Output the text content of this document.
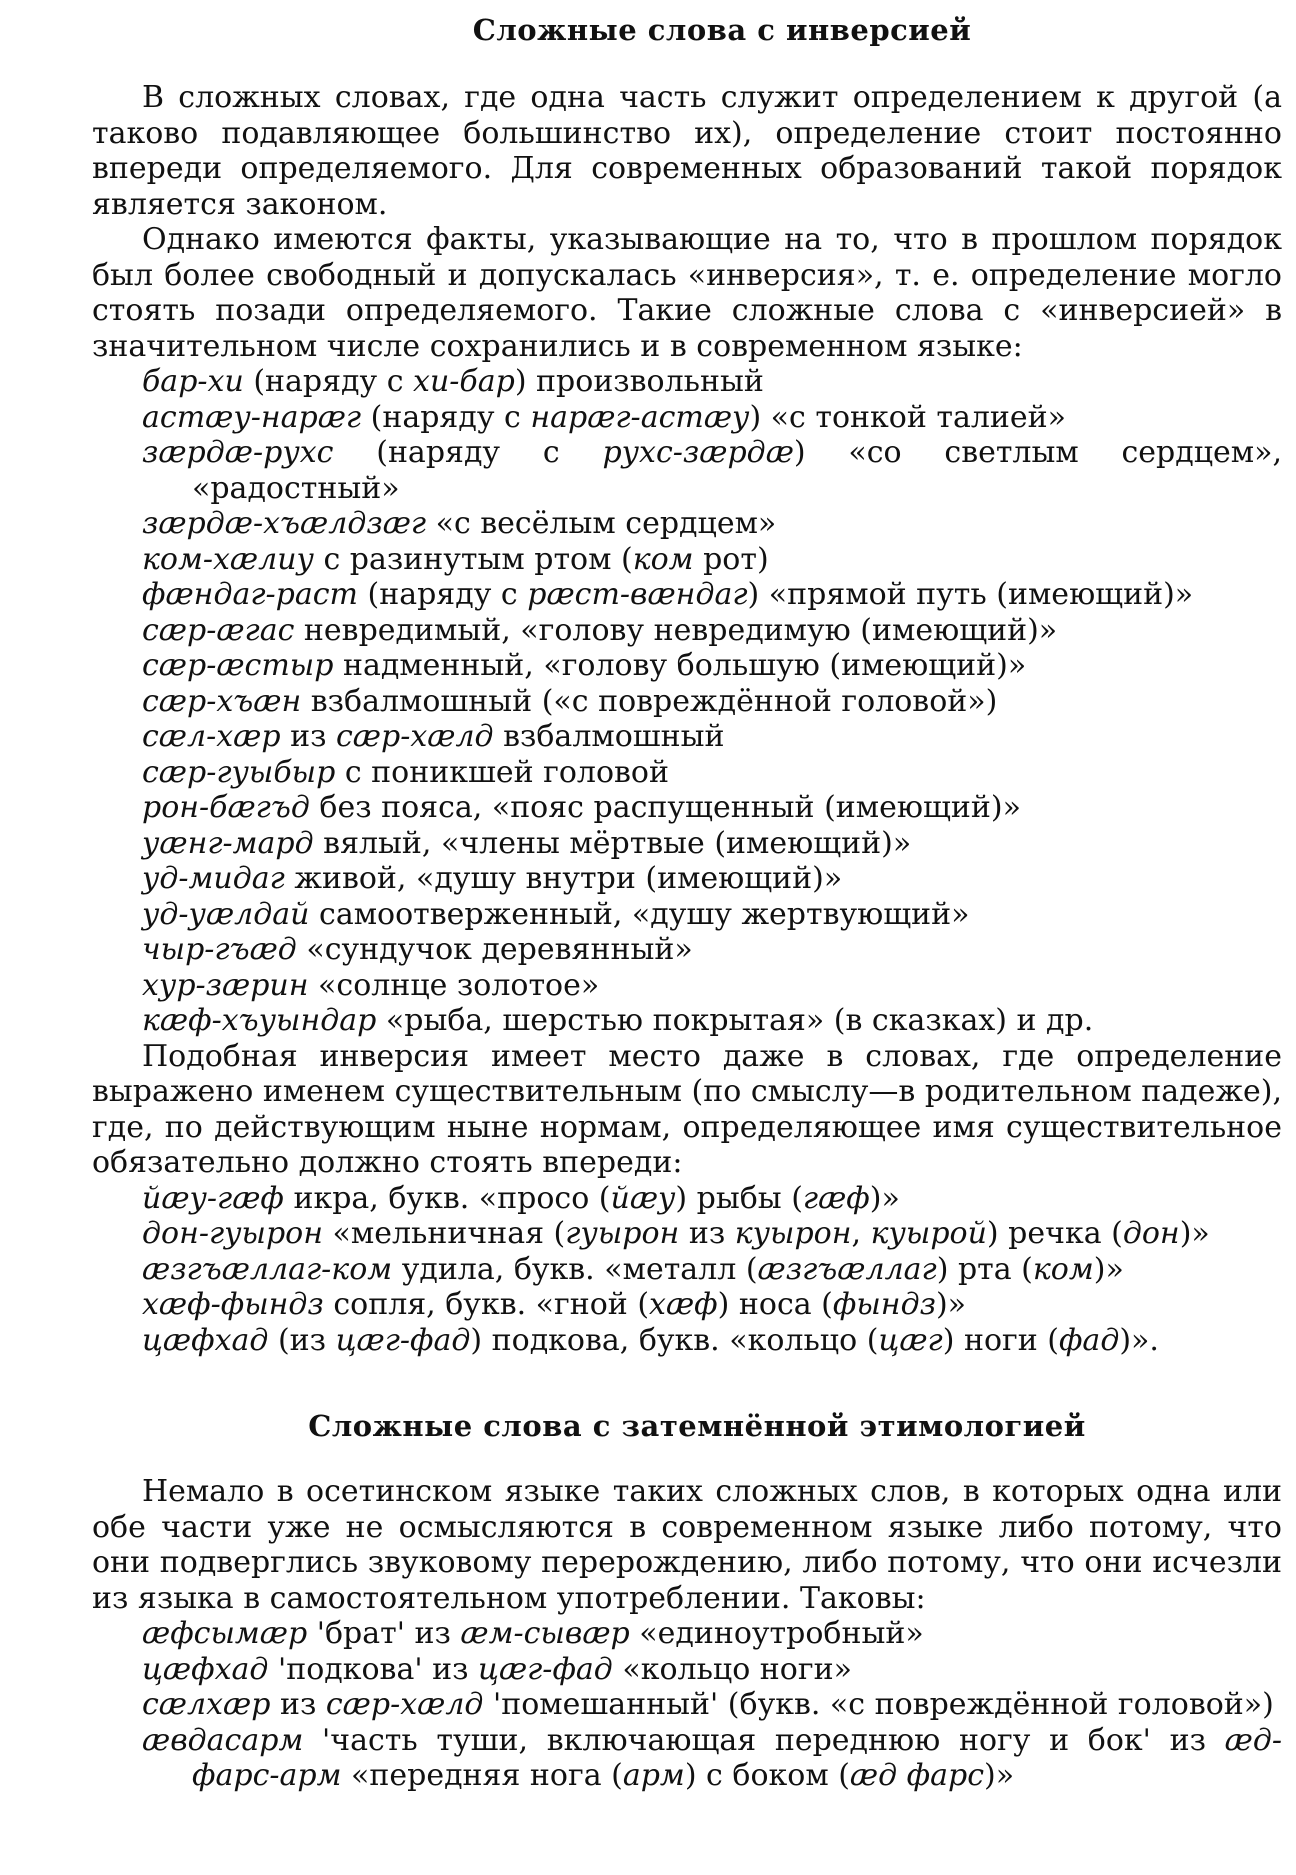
Сложные слова с инверсией

В сложных словах, где одна часть служит определением к другой (а таково подавляющее большинство их), определение стоит постоянно впереди определяемого. Для современных образований такой порядок является законом.

Однако имеются факты, указывающие на то, что в прошлом порядок был более свободный и допускалась «инверсия», т. е. определение могло стоять позади определяемого. Такие сложные слова с «инверсией» в значительном числе сохранились и в современном языке:

бар-хи (наряду с хи-бар) произвольный
астæу-нарæг (наряду с нарæг-астæу) «с тонкой талией»
зæрдæ-рухс (наряду с рухс-зæрдæ) «со светлым сердцем», «радостный»
зæрдæ-хъæлдзæг «с весёлым сердцем»
ком-хæлиу с разинутым ртом (ком рот)
фæндаг-раст (наряду с рæст-вæндаг) «прямой путь (имеющий)»
сæр-æгас невредимый, «голову невредимую (имеющий)»
сæр-æстыр надменный, «голову большую (имеющий)»
сæр-хъæн взбалмошный («с повреждённой головой»)
сæл-хæр из сæр-хæлд взбалмошный
сæр-гуыбыр с поникшей головой
рон-бæгъд без пояса, «пояс распущенный (имеющий)»
уæнг-мард вялый, «члены мёртвые (имеющий)»
уд-мидаг живой, «душу внутри (имеющий)»
уд-уæлдай самоотверженный, «душу жертвующий»
чыр-гъæд «сундучок деревянный»
хур-зæрин «солнце золотое»
кæф-хъуындар «рыба, шерстью покрытая» (в сказках) и др.

Подобная инверсия имеет место даже в словах, где определение выражено именем существительным (по смыслу—в родительном падеже), где, по действующим ныне нормам, определяющее имя существительное обязательно должно стоять впереди:

йæу-гæф икра, букв. «просо (йæу) рыбы (гæф)»
дон-гуырон «мельничная (гуырон из куырон, куырой) речка (дон)»
æзгъæллаг-ком удила, букв. «металл (æзгъæллаг) рта (ком)»
хæф-фындз сопля, букв. «гной (хæф) носа (фындз)»
цæфхад (из цæг-фад) подкова, букв. «кольцо (цæг) ноги (фад)».
Сложные слова с затемнённой этимологией

Немало в осетинском языке таких сложных слов, в которых одна или обе части уже не осмысляются в современном языке либо потому, что они подверглись звуковому перерождению, либо потому, что они исчезли из языка в самостоятельном употреблении. Таковы:

æфсымæр 'брат' из æм-сывæр «единоутробный»
цæфхад 'подкова' из цæг-фад «кольцо ноги»
сæлхæр из сæр-хæлд 'помешанный' (букв. «с повреждённой головой»)
æвдасарм 'часть туши, включающая переднюю ногу и бок' из æд-фарс-арм «передняя нога (арм) с боком (æд фарс)»
